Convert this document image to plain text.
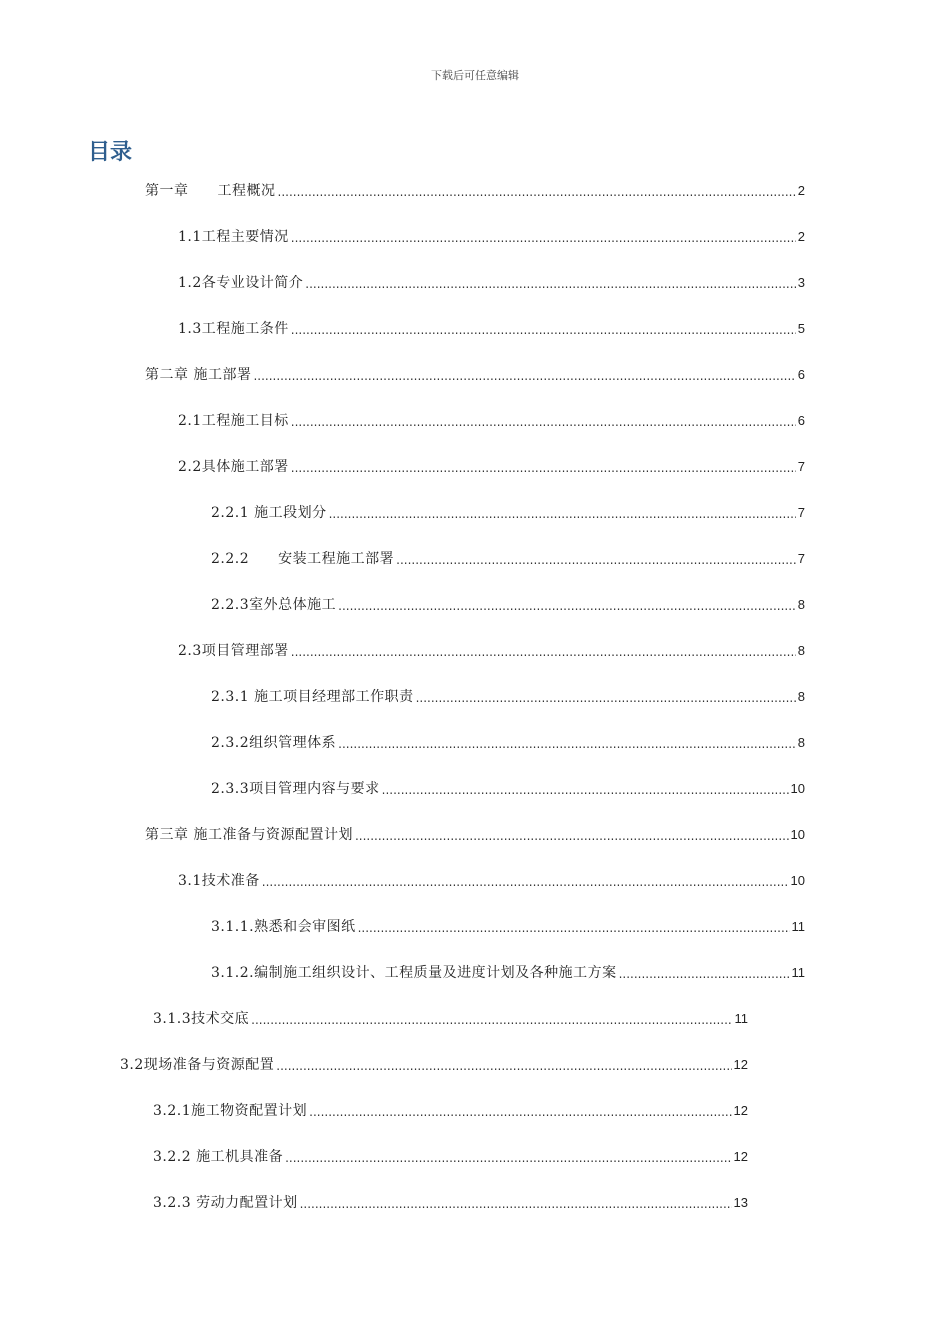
下载后可任意编辑
目录
第一章　　工程概况 .....	2
1.1工程主要情况 .....	2
1.2各专业设计简介 .....	3
1.3工程施工条件 .....	5
第二章 施工部署 .....	6
2.1工程施工目标 .....	6
2.2具体施工部署 .....	7
2.2.1 施工段划分 .....	7
2.2.2　　安装工程施工部署 .....	7
2.2.3室外总体施工 .....	8
2.3项目管理部署 .....	8
2.3.1 施工项目经理部工作职责 .....	8
2.3.2组织管理体系 .....	8
2.3.3项目管理内容与要求 .....	10
第三章 施工准备与资源配置计划 .....	10
3.1技术准备 .....	10
3.1.1.熟悉和会审图纸 .....	11
3.1.2.编制施工组织设计、工程质量及进度计划及各种施工方案 .....	11
3.1.3技术交底 .....	11
3.2现场准备与资源配置 .....	12
3.2.1施工物资配置计划 .....	12
3.2.2 施工机具准备 .....	12
3.2.3 劳动力配置计划 .....	13
